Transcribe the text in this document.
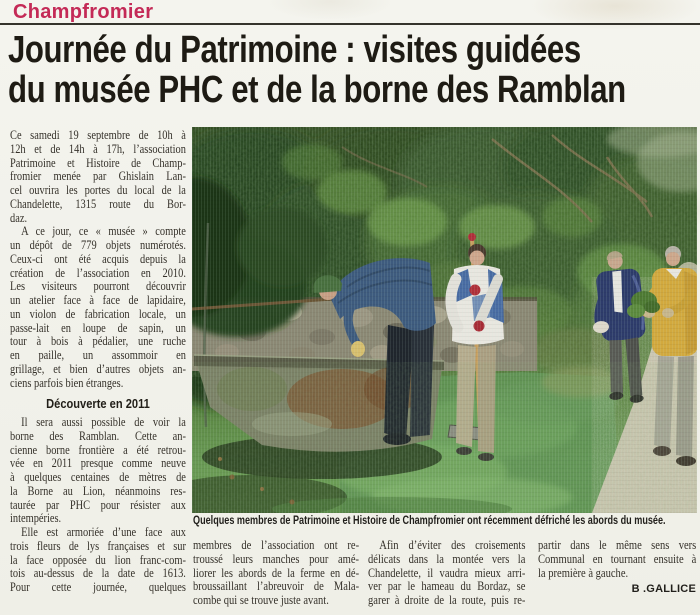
Champfromier
Journée du Patrimoine : visites guidées
du musée PHC et de la borne des Ramblan
Ce samedi 19 septembre de 10h à
12h et de 14h à 17h, l’association
Patrimoine et Histoire de Champ-
fromier menée par Ghislain Lan-
cel ouvrira les portes du local de la
Chandelette, 1315 route du Bor-
daz.
A ce jour, ce « musée » compte
un dépôt de 779 objets numérotés.
Ceux-ci ont été acquis depuis la
création de l’association en 2010.
Les visiteurs pourront découvrir
un atelier face à face de lapidaire,
un violon de fabrication locale, un
passe-lait en loupe de sapin, un
tour à bois à pédalier, une ruche
en paille, un assommoir en
grillage, et bien d’autres objets an-
ciens parfois bien étranges.
Découverte en 2011
Il sera aussi possible de voir la
borne des Ramblan. Cette an-
cienne borne frontière a été retrou-
vée en 2011 presque comme neuve
à quelques centaines de mètres de
la Borne au Lion, néanmoins res-
taurée par PHC pour résister aux
intempéries.
Elle est armoriée d’une face aux
trois fleurs de lys françaises et sur
la face opposée du lion franc-com-
tois au-dessus de la date de 1613.
Pour cette journée, quelques
Quelques membres de Patrimoine et Histoire de Champfromier ont récemment défriché les abords du musée.
membres de l’association ont re-
troussé leurs manches pour amé-
liorer les abords de la ferme en dé-
broussaillant l’abreuvoir de Mala-
combe qui se trouve juste avant.
Afin d’éviter des croisements
délicats dans la montée vers la
Chandelette, il vaudra mieux arri-
ver par le hameau du Bordaz, se
garer à droite de la route, puis re-
partir dans le même sens vers
Communal en tournant ensuite à
la première à gauche.
B .GALLICE
